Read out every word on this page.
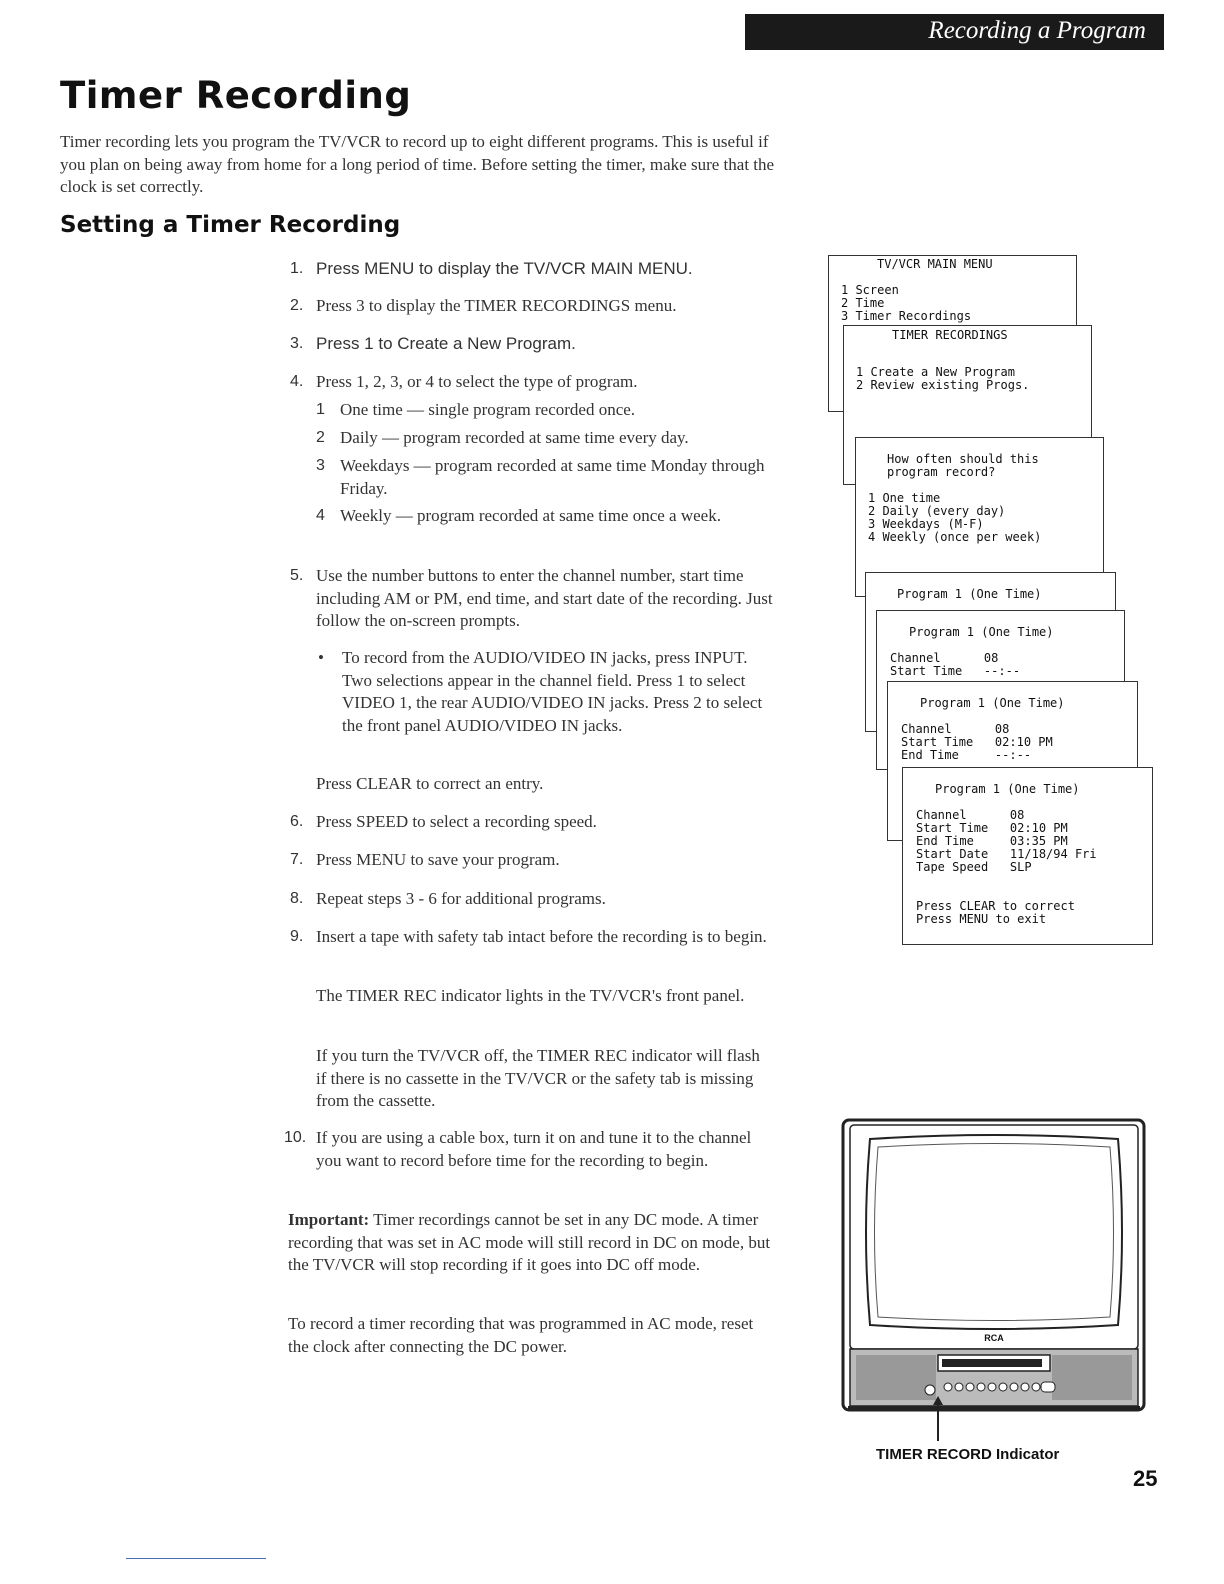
Recording a Program
Timer Recording

Timer recording lets you program the TV/VCR to record up to eight different programs. This is useful if you plan on being away from home for a long period of time. Before setting the timer, make sure that the clock is set correctly.

Setting a Timer Recording
1. Press MENU to display the TV/VCR MAIN MENU.
2. Press 3 to display the TIMER RECORDINGS menu.
3. Press 1 to Create a New Program.
4. Press 1, 2, 3, or 4 to select the type of program.
1 One time — single program recorded once.
2 Daily — program recorded at same time every day.
3 Weekdays — program recorded at same time Monday through Friday.
4 Weekly — program recorded at same time once a week.
5. Use the number buttons to enter the channel number, start time including AM or PM, end time, and start date of the recording. Just follow the on-screen prompts.
• To record from the AUDIO/VIDEO IN jacks, press INPUT. Two selections appear in the channel field. Press 1 to select VIDEO 1, the rear AUDIO/VIDEO IN jacks. Press 2 to select the front panel AUDIO/VIDEO IN jacks.

Press CLEAR to correct an entry.

6. Press SPEED to select a recording speed.
7. Press MENU to save your program.
8. Repeat steps 3 - 6 for additional programs.
9. Insert a tape with safety tab intact before the recording is to begin.

The TIMER REC indicator lights in the TV/VCR's front panel.

If you turn the TV/VCR off, the TIMER REC indicator will flash if there is no cassette in the TV/VCR or the safety tab is missing from the cassette.

10. If you are using a cable box, turn it on and tune it to the channel you want to record before time for the recording to begin.

Important: Timer recordings cannot be set in any DC mode. A timer recording that was set in AC mode will still record in DC on mode, but the TV/VCR will stop recording if it goes into DC off mode.

To record a timer recording that was programmed in AC mode, reset the clock after connecting the DC power.

TV/VCR MAIN MENU

1 Screen

2 Time

3 Timer Recordings

TIMER RECORDINGS

1 Create a New Program

2 Review existing Progs.

How often should this

program record?

1 One time

2 Daily (every day)

3 Weekdays (M-F)

4 Weekly (once per week)

Program 1 (One Time)

Program 1 (One Time)

Channel      08

Start Time   --:--

Program 1 (One Time)

Channel      08

Start Time   02:10 PM

End Time     --:--

Program 1 (One Time)

Channel      08

Start Time   02:10 PM

End Time     03:35 PM

Start Date   11/18/94 Fri

Tape Speed   SLP

Press CLEAR to correct

Press MENU to exit

RCA
TIMER RECORD Indicator
25
